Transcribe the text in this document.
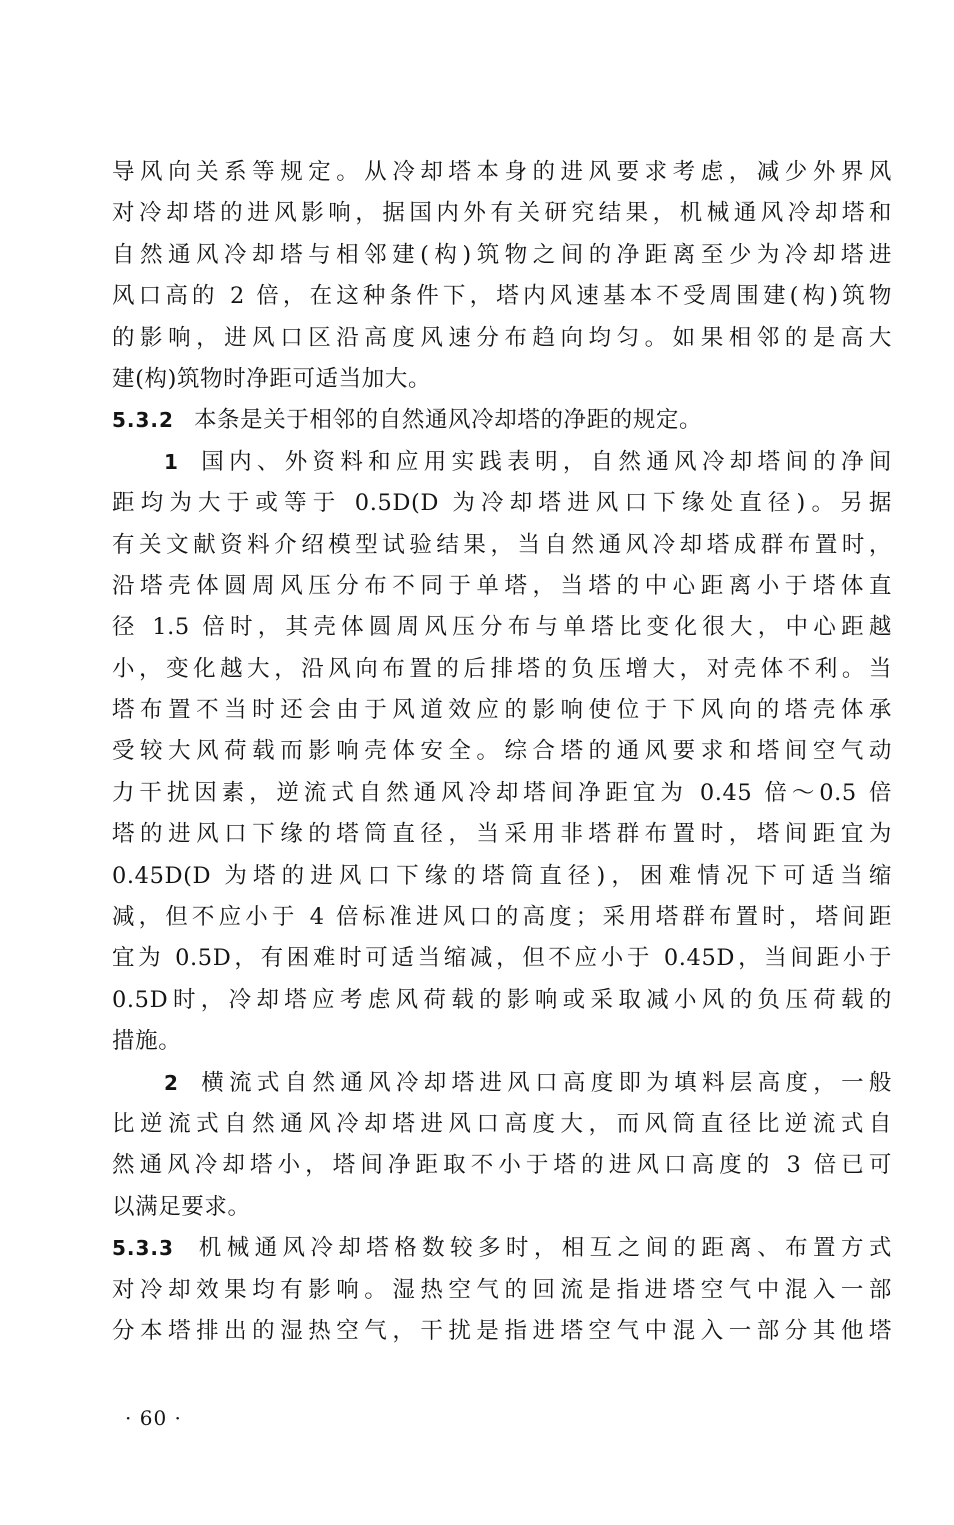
导风向关系等规定。从冷却塔本身的进风要求考虑，减少外界风
对冷却塔的进风影响，据国内外有关研究结果，机械通风冷却塔和
自然通风冷却塔与相邻建(构)筑物之间的净距离至少为冷却塔进
风口高的 2 倍，在这种条件下，塔内风速基本不受周围建(构)筑物
的影响，进风口区沿高度风速分布趋向均匀。如果相邻的是高大
建(构)筑物时净距可适当加大。
5.3.2 本条是关于相邻的自然通风冷却塔的净距的规定。
1 国内、外资料和应用实践表明，自然通风冷却塔间的净间
距均为大于或等于 0.5D(D 为冷却塔进风口下缘处直径)。另据
有关文献资料介绍模型试验结果，当自然通风冷却塔成群布置时，
沿塔壳体圆周风压分布不同于单塔，当塔的中心距离小于塔体直
径 1.5 倍时，其壳体圆周风压分布与单塔比变化很大，中心距越
小，变化越大，沿风向布置的后排塔的负压增大，对壳体不利。当
塔布置不当时还会由于风道效应的影响使位于下风向的塔壳体承
受较大风荷载而影响壳体安全。综合塔的通风要求和塔间空气动
力干扰因素，逆流式自然通风冷却塔间净距宜为 0.45 倍～0.5 倍
塔的进风口下缘的塔筒直径，当采用非塔群布置时，塔间距宜为
0.45D(D 为塔的进风口下缘的塔筒直径)，困难情况下可适当缩
减，但不应小于 4 倍标准进风口的高度；采用塔群布置时，塔间距
宜为 0.5D，有困难时可适当缩减，但不应小于 0.45D，当间距小于
0.5D时，冷却塔应考虑风荷载的影响或采取减小风的负压荷载的
措施。
2 横流式自然通风冷却塔进风口高度即为填料层高度，一般
比逆流式自然通风冷却塔进风口高度大，而风筒直径比逆流式自
然通风冷却塔小，塔间净距取不小于塔的进风口高度的 3 倍已可
以满足要求。
5.3.3 机械通风冷却塔格数较多时，相互之间的距离、布置方式
对冷却效果均有影响。湿热空气的回流是指进塔空气中混入一部
分本塔排出的湿热空气，干扰是指进塔空气中混入一部分其他塔
· 60 ·
